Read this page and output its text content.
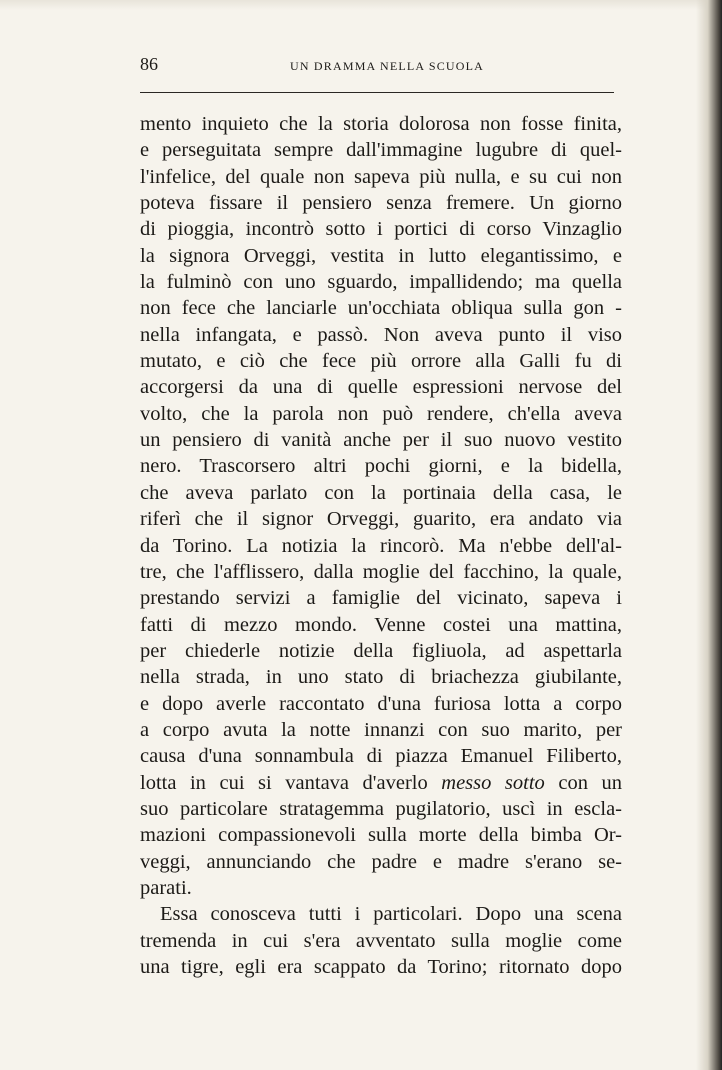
86	UN DRAMMA NELLA SCUOLA
mento inquieto che la storia dolorosa non fosse finita,
e perseguitata sempre dall'immagine lugubre di quel-
l'infelice, del quale non sapeva più nulla, e su cui non
poteva fissare il pensiero senza fremere. Un giorno
di pioggia, incontrò sotto i portici di corso Vinzaglio
la signora Orveggi, vestita in lutto elegantissimo, e
la fulminò con uno sguardo, impallidendo; ma quella
non fece che lanciarle un'occhiata obliqua sulla gon -
nella infangata, e passò. Non aveva punto il viso
mutato, e ciò che fece più orrore alla Galli fu di
accorgersi da una di quelle espressioni nervose del
volto, che la parola non può rendere, ch'ella aveva
un pensiero di vanità anche per il suo nuovo vestito
nero. Trascorsero altri pochi giorni, e la bidella,
che aveva parlato con la portinaia della casa, le
riferì che il signor Orveggi, guarito, era andato via
da Torino. La notizia la rincorò. Ma n'ebbe dell'al-
tre, che l'afflissero, dalla moglie del facchino, la quale,
prestando servizi a famiglie del vicinato, sapeva i
fatti di mezzo mondo. Venne costei una mattina,
per chiederle notizie della figliuola, ad aspettarla
nella strada, in uno stato di briachezza giubilante,
e dopo averle raccontato d'una furiosa lotta a corpo
a corpo avuta la notte innanzi con suo marito, per
causa d'una sonnambula di piazza Emanuel Filiberto,
lotta in cui si vantava d'averlo messo sotto con un
suo particolare stratagemma pugilatorio, uscì in escla-
mazioni compassionevoli sulla morte della bimba Or-
veggi, annunciando che padre e madre s'erano se-
parati.
Essa conosceva tutti i particolari. Dopo una scena
tremenda in cui s'era avventato sulla moglie come
una tigre, egli era scappato da Torino; ritornato dopo
